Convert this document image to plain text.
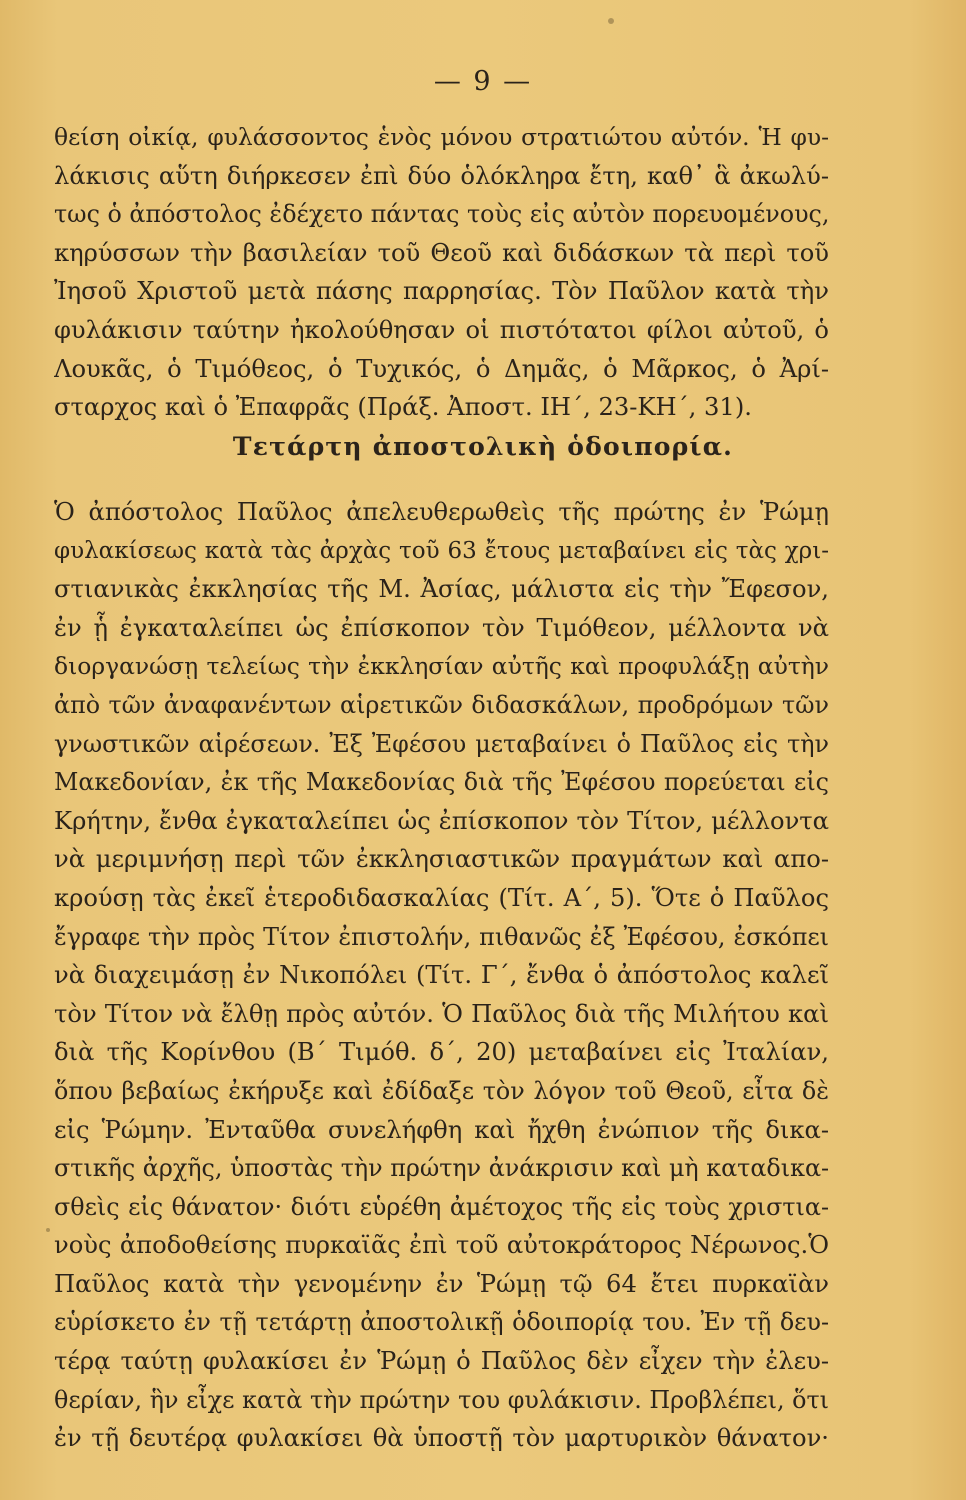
— 9 —
θείση οἰκίᾳ, φυλάσσοντος ἑνὸς μόνου στρατιώτου αὐτόν. Ἡ φυ-
λάκισις αὕτη διήρκεσεν ἐπὶ δύο ὁλόκληρα ἔτη, καθ᾽ ἃ ἀκωλύ-
τως ὁ ἀπόστολος ἐδέχετο πάντας τοὺς εἰς αὐτὸν πορευομένους,
κηρύσσων τὴν βασιλείαν τοῦ Θεοῦ καὶ διδάσκων τὰ περὶ τοῦ
Ἰησοῦ Χριστοῦ μετὰ πάσης παρρησίας. Τὸν Παῦλον κατὰ τὴν
φυλάκισιν ταύτην ἠκολούθησαν οἱ πιστότατοι φίλοι αὐτοῦ, ὁ
Λουκᾶς, ὁ Τιμόθεος, ὁ Τυχικός, ὁ Δημᾶς, ὁ Μᾶρκος, ὁ Ἀρί-
σταρχος καὶ ὁ Ἐπαφρᾶς (Πράξ. Ἀποστ. ΙΗ΄, 23-ΚΗ΄, 31).
Τετάρτη ἀποστολικὴ ὁδοιπορία.
Ὁ ἀπόστολος Παῦλος ἀπελευθερωθεὶς τῆς πρώτης ἐν Ῥώμῃ
φυλακίσεως κατὰ τὰς ἀρχὰς τοῦ 63 ἔτους μεταβαίνει εἰς τὰς χρι-
στιανικὰς ἐκκλησίας τῆς Μ. Ἀσίας, μάλιστα εἰς τὴν Ἔφεσον,
ἐν ᾗ ἐγκαταλείπει ὡς ἐπίσκοπον τὸν Τιμόθεον, μέλλοντα νὰ
διοργανώσῃ τελείως τὴν ἐκκλησίαν αὐτῆς καὶ προφυλάξῃ αὐτὴν
ἀπὸ τῶν ἀναφανέντων αἱρετικῶν διδασκάλων, προδρόμων τῶν
γνωστικῶν αἱρέσεων. Ἐξ Ἐφέσου μεταβαίνει ὁ Παῦλος εἰς τὴν
Μακεδονίαν, ἐκ τῆς Μακεδονίας διὰ τῆς Ἐφέσου πορεύεται εἰς
Κρήτην, ἔνθα ἐγκαταλείπει ὡς ἐπίσκοπον τὸν Τίτον, μέλλοντα
νὰ μεριμνήσῃ περὶ τῶν ἐκκλησιαστικῶν πραγμάτων καὶ απο-
κρούσῃ τὰς ἐκεῖ ἑτεροδιδασκαλίας (Τίτ. Α΄, 5). Ὅτε ὁ Παῦλος
ἔγραφε τὴν πρὸς Τίτον ἐπιστολήν, πιθανῶς ἐξ Ἐφέσου, ἐσκόπει
νὰ διαχειμάσῃ ἐν Νικοπόλει (Τίτ. Γ΄, ἔνθα ὁ ἀπόστολος καλεῖ
τὸν Τίτον νὰ ἔλθῃ πρὸς αὐτόν. Ὁ Παῦλος διὰ τῆς Μιλήτου καὶ
διὰ τῆς Κορίνθου (Β΄ Τιμόθ. δ΄, 20) μεταβαίνει εἰς Ἰταλίαν,
ὅπου βεβαίως ἐκήρυξε καὶ ἐδίδαξε τὸν λόγον τοῦ Θεοῦ, εἶτα δὲ
εἰς Ῥώμην. Ἐνταῦθα συνελήφθη καὶ ἤχθη ἐνώπιον τῆς δικα-
στικῆς ἀρχῆς, ὑποστὰς τὴν πρώτην ἀνάκρισιν καὶ μὴ καταδικα-
σθεὶς εἰς θάνατον· διότι εὑρέθη ἀμέτοχος τῆς εἰς τοὺς χριστια-
νοὺς ἀποδοθείσης πυρκαϊᾶς ἐπὶ τοῦ αὐτοκράτορος Νέρωνος.Ὁ
Παῦλος κατὰ τὴν γενομένην ἐν Ῥώμῃ τῷ 64 ἔτει πυρκαϊὰν
εὑρίσκετο ἐν τῇ τετάρτῃ ἀποστολικῇ ὁδοιπορίᾳ του. Ἐν τῇ δευ-
τέρᾳ ταύτῃ φυλακίσει ἐν Ῥώμῃ ὁ Παῦλος δὲν εἶχεν τὴν ἐλευ-
θερίαν, ἣν εἶχε κατὰ τὴν πρώτην του φυλάκισιν. Προβλέπει, ὅτι
ἐν τῇ δευτέρᾳ φυλακίσει θὰ ὑποστῇ τὸν μαρτυρικὸν θάνατον·
